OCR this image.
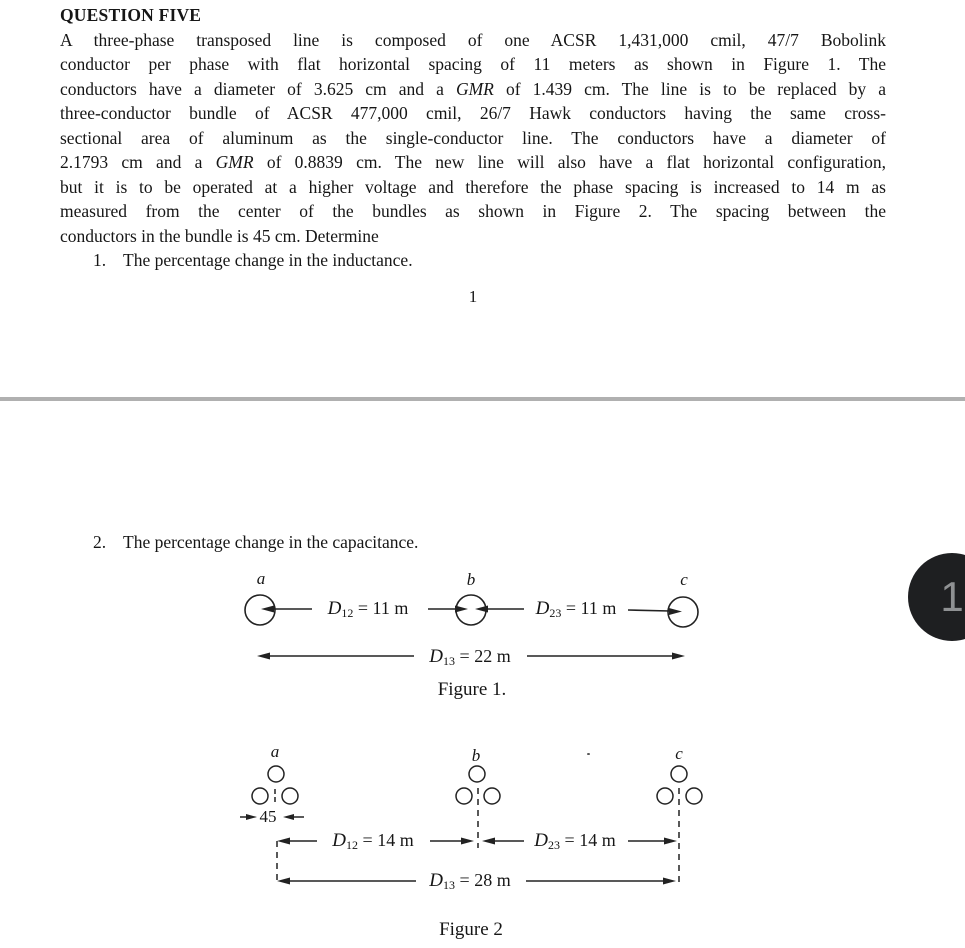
QUESTION FIVE
A three-phase transposed line is composed of one ACSR 1,431,000 cmil, 47/7 Bobolink
conductor per phase with flat horizontal spacing of 11 meters as shown in Figure 1. The
conductors have a diameter of 3.625 cm and a GMR of 1.439 cm. The line is to be replaced by a
three-conductor bundle of ACSR 477,000 cmil, 26/7 Hawk conductors having the same cross-
sectional area of aluminum as the single-conductor line. The conductors have a diameter of
2.1793 cm and a GMR of 0.8839 cm. The new line will also have a flat horizontal configuration,
but it is to be operated at a higher voltage and therefore the phase spacing is increased to 14 m as
measured from the center of the bundles as shown in Figure 2. The spacing between the
conductors in the bundle is 45 cm. Determine
1. The percentage change in the inductance.
1
2. The percentage change in the capacitance.
a	b	c
$D_{12} = 11$ m	$D_{23} = 11$ m
$D_{13} = 22$ m
Figure 1.
a	b	c
45
$D_{12} = 14$ m	$D_{23} = 14$ m
$D_{13} = 28$ m
Figure 2
1
